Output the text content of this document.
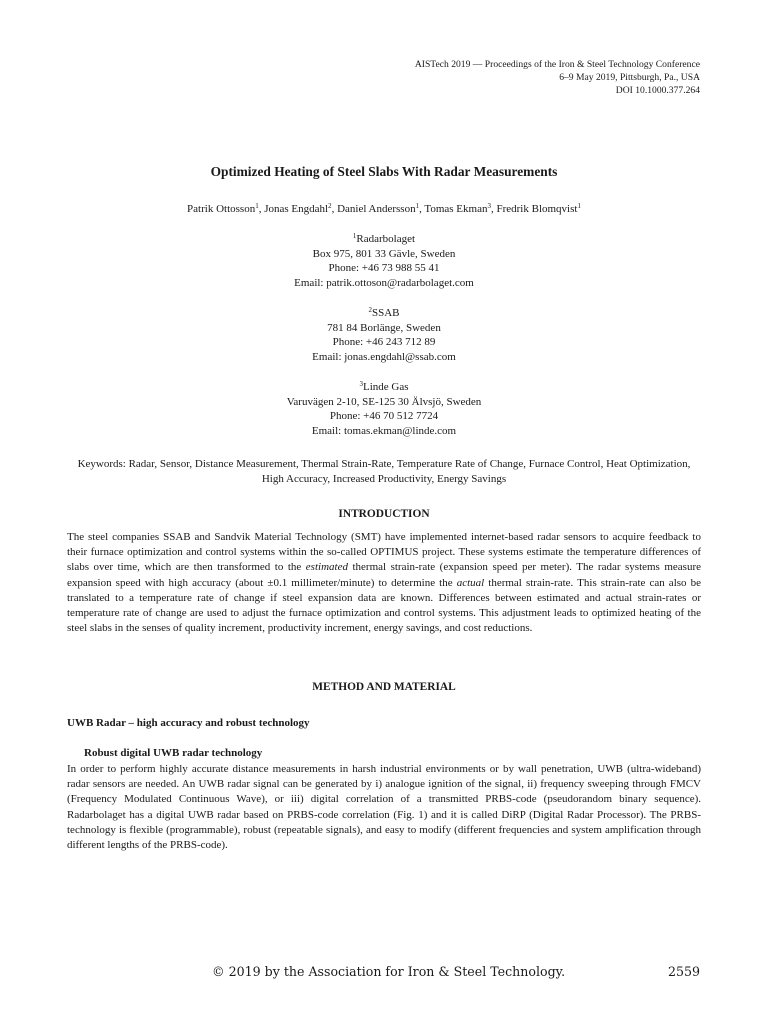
AISTech 2019 — Proceedings of the Iron & Steel Technology Conference
6–9 May 2019, Pittsburgh, Pa., USA
DOI 10.1000.377.264
Optimized Heating of Steel Slabs With Radar Measurements
Patrik Ottosson$^1$, Jonas Engdahl$^2$, Daniel Andersson$^1$, Tomas Ekman$^3$, Fredrik Blomqvist$^1$
$^1$Radarbolaget
Box 975, 801 33 Gävle, Sweden
Phone: +46 73 988 55 41
Email: patrik.ottoson@radarbolaget.com
$^2$SSAB
781 84 Borlänge, Sweden
Phone: +46 243 712 89
Email: jonas.engdahl@ssab.com
$^3$Linde Gas
Varuvägen 2-10, SE-125 30 Älvsjö, Sweden
Phone: +46 70 512 7724
Email: tomas.ekman@linde.com
Keywords: Radar, Sensor, Distance Measurement, Thermal Strain-Rate, Temperature Rate of Change, Furnace Control, Heat Optimization, High Accuracy, Increased Productivity, Energy Savings
INTRODUCTION
The steel companies SSAB and Sandvik Material Technology (SMT) have implemented internet-based radar sensors to acquire feedback to their furnace optimization and control systems within the so-called OPTIMUS project. These systems estimate the temperature differences of slabs over time, which are then transformed to the estimated thermal strain-rate (expansion speed per meter). The radar systems measure expansion speed with high accuracy (about ±0.1 millimeter/minute) to determine the actual thermal strain-rate. This strain-rate can also be translated to a temperature rate of change if steel expansion data are known. Differences between estimated and actual strain-rates or temperature rate of change are used to adjust the furnace optimization and control systems. This adjustment leads to optimized heating of the steel slabs in the senses of quality increment, productivity increment, energy savings, and cost reductions.
METHOD AND MATERIAL
UWB Radar – high accuracy and robust technology
Robust digital UWB radar technology
In order to perform highly accurate distance measurements in harsh industrial environments or by wall penetration, UWB (ultra-wideband) radar sensors are needed. An UWB radar signal can be generated by i) analogue ignition of the signal, ii) frequency sweeping through FMCV (Frequency Modulated Continuous Wave), or iii) digital correlation of a transmitted PRBS-code (pseudorandom binary sequence). Radarbolaget has a digital UWB radar based on PRBS-code correlation (Fig. 1) and it is called DiRP (Digital Radar Processor). The PRBS-technology is flexible (programmable), robust (repeatable signals), and easy to modify (different frequencies and system amplification through different lengths of the PRBS-code).
© 2019 by the Association for Iron & Steel Technology.	2559
